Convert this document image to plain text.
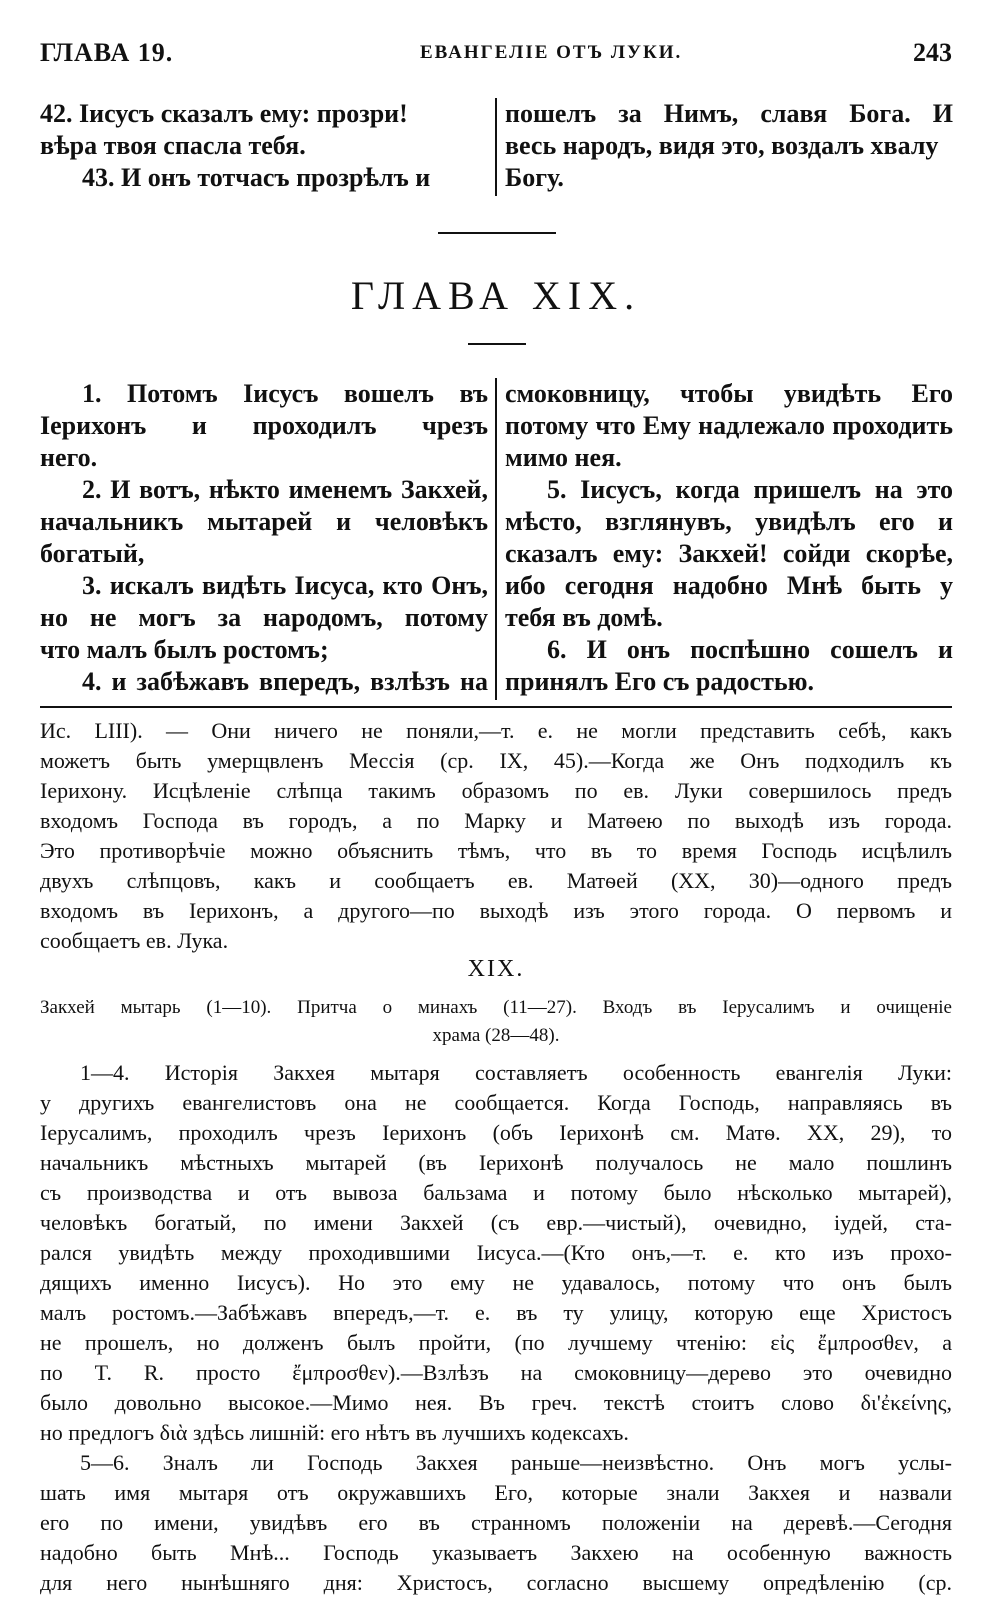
ГЛАВА 19.	ЕВАНГЕЛІЕ ОТЪ ЛУКИ.	243
42. Іисусъ сказалъ ему: прозри!
вѣра твоя спасла тебя.
43. И онъ тотчасъ прозрѣлъ и
пошелъ за Нимъ, славя Бога. И
весь народъ, видя это, воздалъ хвалу
Богу.
ГЛАВА XIX.
1. Потомъ Іисусъ вошелъ въ
Іерихонъ и проходилъ чрезъ
него.
2. И вотъ, нѣкто именемъ Закхей,
начальникъ мытарей и человѣкъ
богатый,
3. искалъ видѣть Іисуса, кто Онъ,
но не могъ за народомъ, потому
что малъ былъ ростомъ;
4. и забѣжавъ впередъ, взлѣзъ на
смоковницу, чтобы увидѣть Его
потому что Ему надлежало проходить
мимо нея.
5. Іисусъ, когда пришелъ на это
мѣсто, взглянувъ, увидѣлъ его и
сказалъ ему: Закхей! сойди скорѣе,
ибо сегодня надобно Мнѣ быть у
тебя въ домѣ.
6. И онъ поспѣшно сошелъ и
принялъ Его съ радостью.
Ис. LIII). — Они ничего не поняли,—т. е. не могли представить себѣ, какъ
можетъ быть умерщвленъ Мессія (ср. IX, 45).—Когда же Онъ подходилъ къ
Іерихону. Исцѣленіе слѣпца такимъ образомъ по ев. Луки совершилось предъ
входомъ Господа въ городъ, а по Марку и Матѳею по выходѣ изъ города.
Это противорѣчіе можно объяснить тѣмъ, что въ то время Господь исцѣлилъ
двухъ слѣпцовъ, какъ и сообщаетъ ев. Матѳей (XX, 30)—одного предъ
входомъ въ Іерихонъ, а другого—по выходѣ изъ этого города. О первомъ и
сообщаетъ ев. Лука.
XIX.
Закхей мытарь (1—10). Притча о минахъ (11—27). Входъ въ Іерусалимъ и очищеніе
храма (28—48).
1—4. Исторія Закхея мытаря составляетъ особенность евангелія Луки:
у другихъ евангелистовъ она не сообщается. Когда Господь, направляясь въ
Іерусалимъ, проходилъ чрезъ Іерихонъ (объ Іерихонѣ см. Матѳ. XX, 29), то
начальникъ мѣстныхъ мытарей (въ Іерихонѣ получалось не мало пошлинъ
съ производства и отъ вывоза бальзама и потому было нѣсколько мытарей),
человѣкъ богатый, по имени Закхей (съ евр.—чистый), очевидно, іудей, ста-
рался увидѣть между проходившими Іисуса.—(Кто онъ,—т. е. кто изъ прохо-
дящихъ именно Іисусъ). Но это ему не удавалось, потому что онъ былъ
малъ ростомъ.—Забѣжавъ впередъ,—т. е. въ ту улицу, которую еще Христосъ
не прошелъ, но долженъ былъ пройти, (по лучшему чтенію: εἰς ἔμπροσθεν, а
по T. R. просто ἔμπροσθεν).—Взлѣзъ на смоковницу—дерево это очевидно
было довольно высокое.—Мимо нея. Въ греч. текстѣ стоитъ слово δι'ἐκείνης,
но предлогъ διὰ здѣсь лишній: его нѣтъ въ лучшихъ кодексахъ.
5—6. Зналъ ли Господь Закхея раньше—неизвѣстно. Онъ могъ услы-
шать имя мытаря отъ окружавшихъ Его, которые знали Закхея и назвали
его по имени, увидѣвъ его въ странномъ положеніи на деревѣ.—Сегодня
надобно быть Мнѣ... Господь указываетъ Закхею на особенную важность
для него нынѣшняго дня: Христосъ, согласно высшему опредѣленію (ср.
